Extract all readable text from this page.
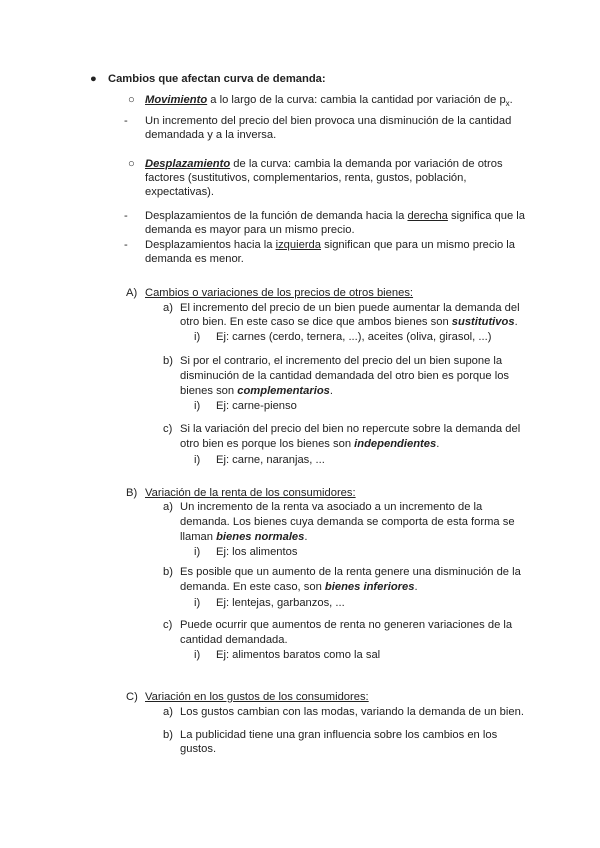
● Cambios que afectan curva de demanda:
○ Movimiento a lo largo de la curva: cambia la cantidad por variación de $p_x$.
- Un incremento del precio del bien provoca una disminución de la cantidad
demandada y a la inversa.
○ Desplazamiento de la curva: cambia la demanda por variación de otros
factores (sustitutivos, complementarios, renta, gustos, población,
expectativas).
- Desplazamientos de la función de demanda hacia la derecha significa que la
demanda es mayor para un mismo precio.
- Desplazamientos hacia la izquierda significan que para un mismo precio la
demanda es menor.
A) Cambios o variaciones de los precios de otros bienes:
a) El incremento del precio de un bien puede aumentar la demanda del
otro bien. En este caso se dice que ambos bienes son sustitutivos.
i) Ej: carnes (cerdo, ternera, ...), aceites (oliva, girasol, ...)
b) Si por el contrario, el incremento del precio del un bien supone la
disminución de la cantidad demandada del otro bien es porque los
bienes son complementarios.
i) Ej: carne-pienso
c) Si la variación del precio del bien no repercute sobre la demanda del
otro bien es porque los bienes son independientes.
i) Ej: carne, naranjas, ...
B) Variación de la renta de los consumidores:
a) Un incremento de la renta va asociado a un incremento de la
demanda. Los bienes cuya demanda se comporta de esta forma se
llaman bienes normales.
i) Ej: los alimentos
b) Es posible que un aumento de la renta genere una disminución de la
demanda. En este caso, son bienes inferiores.
i) Ej: lentejas, garbanzos, ...
c) Puede ocurrir que aumentos de renta no generen variaciones de la
cantidad demandada.
i) Ej: alimentos baratos como la sal
C) Variación en los gustos de los consumidores:
a) Los gustos cambian con las modas, variando la demanda de un bien.
b) La publicidad tiene una gran influencia sobre los cambios en los
gustos.
